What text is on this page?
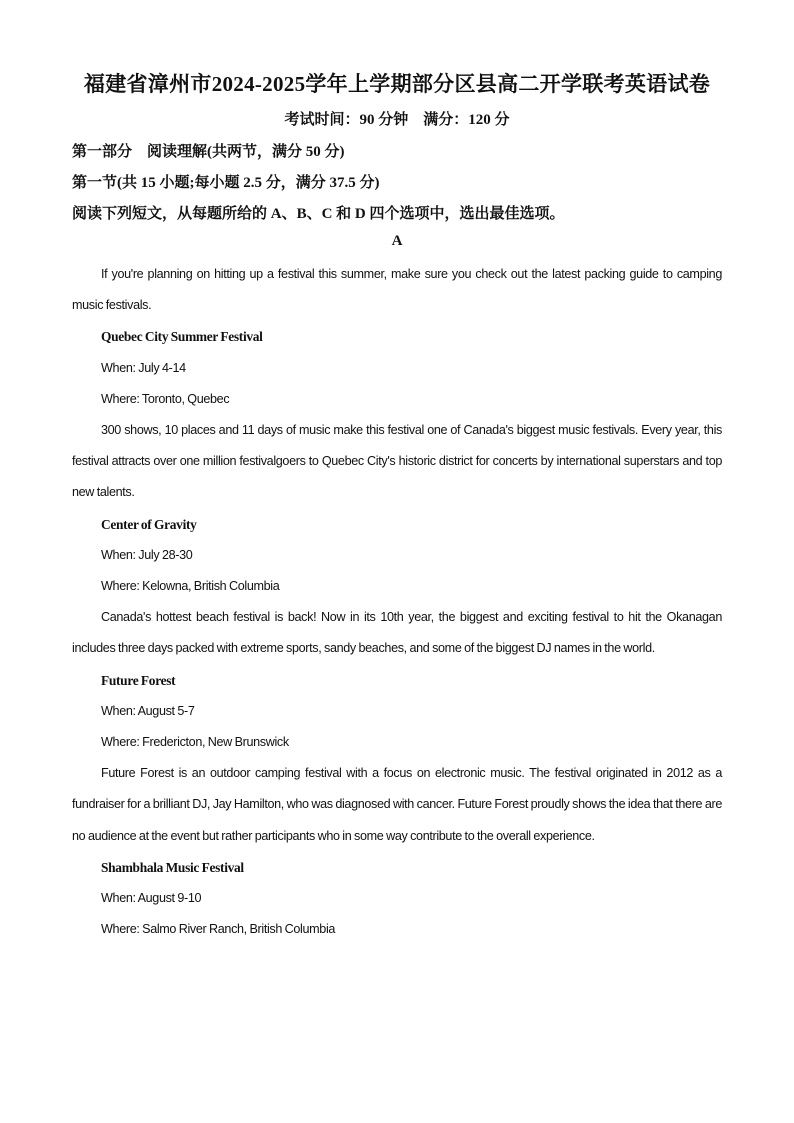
福建省漳州市2024-2025学年上学期部分区县高二开学联考英语试卷
考试时间：90 分钟　满分：120 分
第一部分　阅读理解(共两节，满分 50 分)
第一节(共 15 小题;每小题 2.5 分，满分 37.5 分)
阅读下列短文，从每题所给的 A、B、C 和 D 四个选项中，选出最佳选项。
A

If you're planning on hitting up a festival this summer, make sure you check out the latest packing guide to camping music festivals.

Quebec City Summer Festival

When: July 4-14

Where: Toronto, Quebec

300 shows, 10 places and 11 days of music make this festival one of Canada's biggest music festivals. Every year, this festival attracts over one million festivalgoers to Quebec City's historic district for concerts by international superstars and top new talents.

Center of Gravity

When: July 28-30

Where: Kelowna, British Columbia

Canada's hottest beach festival is back! Now in its 10th year, the biggest and exciting festival to hit the Okanagan includes three days packed with extreme sports, sandy beaches, and some of the biggest DJ names in the world.

Future Forest

When: August 5-7

Where: Fredericton, New Brunswick

Future Forest is an outdoor camping festival with a focus on electronic music. The festival originated in 2012 as a fundraiser for a brilliant DJ, Jay Hamilton, who was diagnosed with cancer. Future Forest proudly shows the idea that there are no audience at the event but rather participants who in some way contribute to the overall experience.

Shambhala Music Festival

When: August 9-10

Where: Salmo River Ranch, British Columbia
